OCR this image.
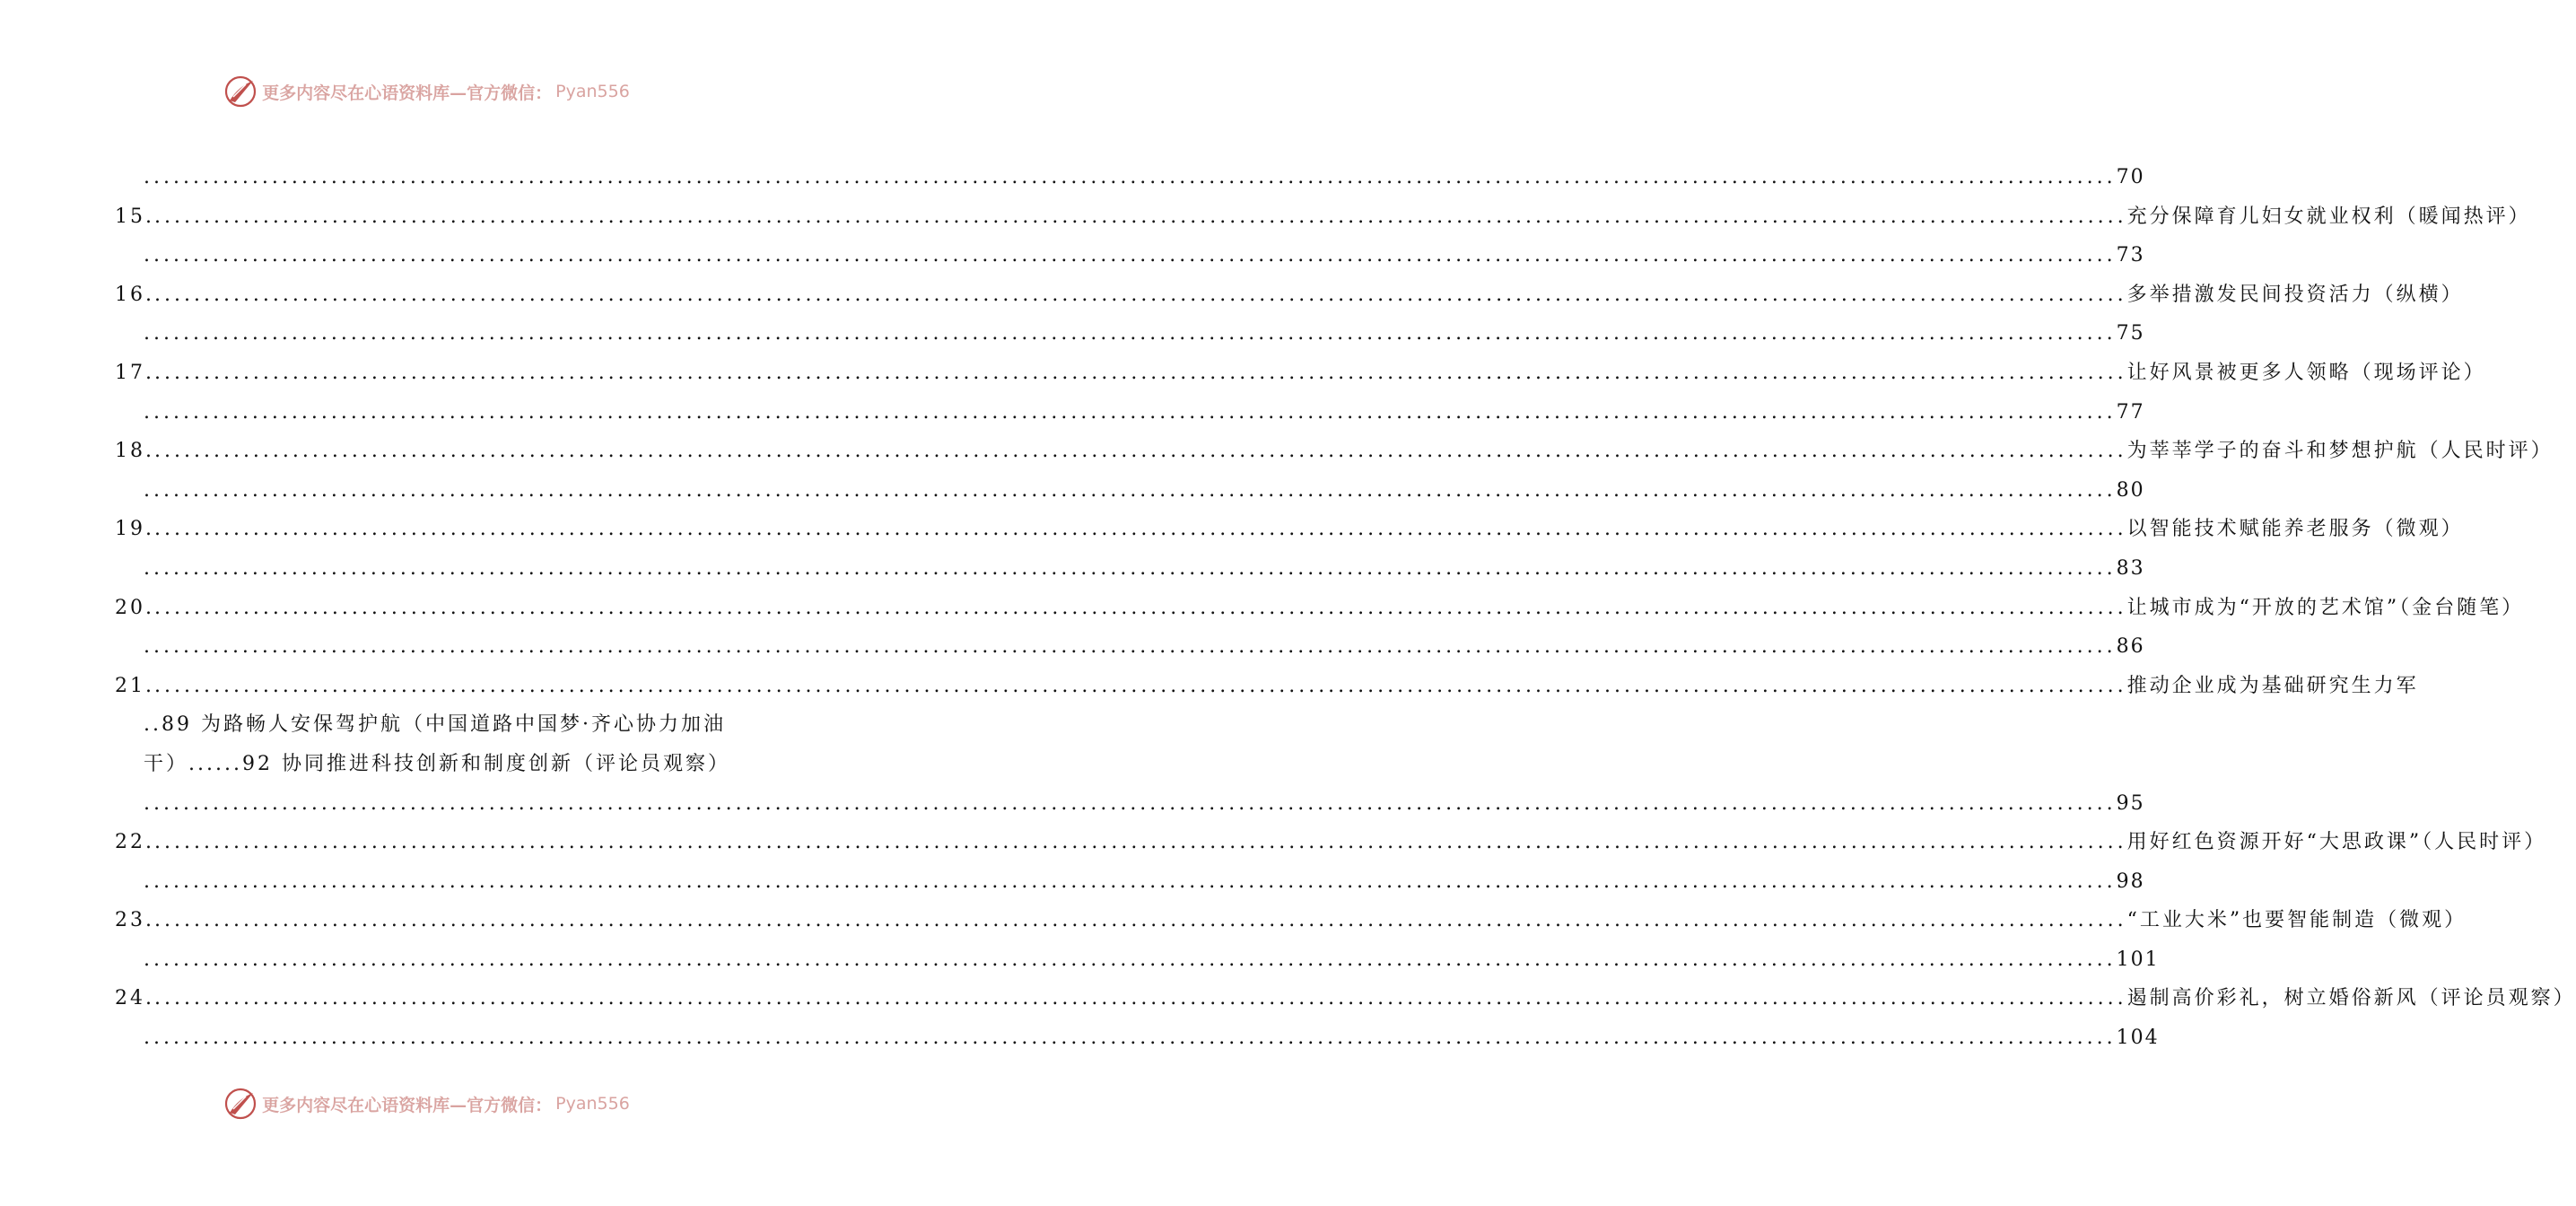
更多内容尽在心语资料库—官方微信： Pyan556
........................................................................................................................................................................................................ 70
15. ........................................................................................................................................................................................................ 充分保障育儿妇女就业权利（暖闻热评）
........................................................................................................................................................................................................ 73
16. ........................................................................................................................................................................................................ 多举措激发民间投资活力（纵横）
........................................................................................................................................................................................................ 75
17. ........................................................................................................................................................................................................ 让好风景被更多人领略（现场评论）
........................................................................................................................................................................................................ 77
18. ........................................................................................................................................................................................................ 为莘莘学子的奋斗和梦想护航（人民时评）
........................................................................................................................................................................................................ 80
19. ........................................................................................................................................................................................................ 以智能技术赋能养老服务（微观）
........................................................................................................................................................................................................ 83
20. ........................................................................................................................................................................................................ 让城市成为“开放的艺术馆”（金台随笔）
........................................................................................................................................................................................................ 86
21. ........................................................................................................................................................................................................ 推动企业成为基础研究生力军
..89 为路畅人安保驾护航（中国道路中国梦·齐心协力加油
干）......92 协同推进科技创新和制度创新（评论员观察）
........................................................................................................................................................................................................ 95
22. ........................................................................................................................................................................................................ 用好红色资源开好“大思政课”（人民时评）
........................................................................................................................................................................................................ 98
23. ........................................................................................................................................................................................................ “工业大米”也要智能制造（微观）
........................................................................................................................................................................................................ 101
24. ........................................................................................................................................................................................................ 遏制高价彩礼，树立婚俗新风（评论员观察）
........................................................................................................................................................................................................ 104
更多内容尽在心语资料库—官方微信： Pyan556
